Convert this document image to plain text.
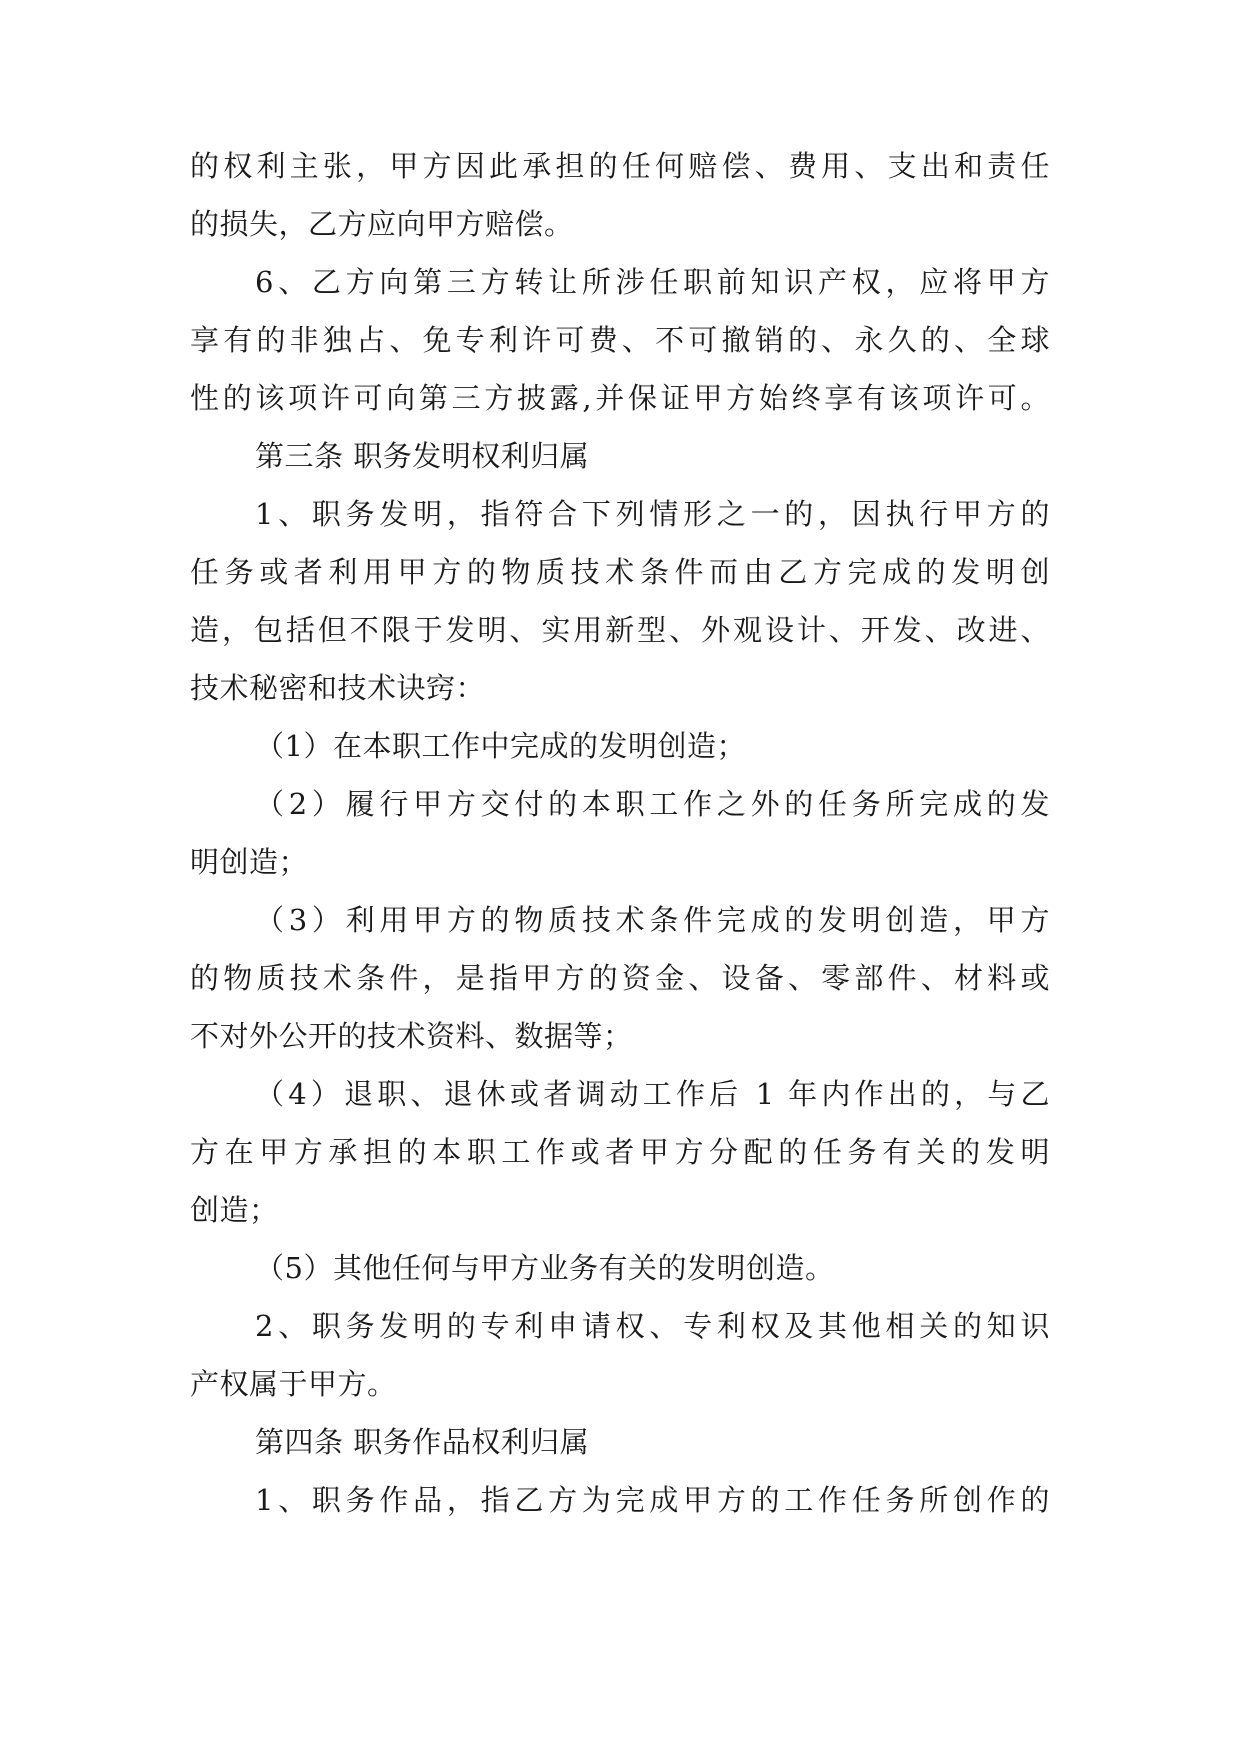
的权利主张，甲方因此承担的任何赔偿、费用、支出和责任
的损失，乙方应向甲方赔偿。
6、乙方向第三方转让所涉任职前知识产权，应将甲方
享有的非独占、免专利许可费、不可撤销的、永久的、全球
性的该项许可向第三方披露,并保证甲方始终享有该项许可。
第三条 职务发明权利归属
1、职务发明，指符合下列情形之一的，因执行甲方的
任务或者利用甲方的物质技术条件而由乙方完成的发明创
造，包括但不限于发明、实用新型、外观设计、开发、改进、
技术秘密和技术诀窍：
（1）在本职工作中完成的发明创造；
（2）履行甲方交付的本职工作之外的任务所完成的发
明创造；
（3）利用甲方的物质技术条件完成的发明创造，甲方
的物质技术条件，是指甲方的资金、设备、零部件、材料或
不对外公开的技术资料、数据等；
（4）退职、退休或者调动工作后 1 年内作出的，与乙
方在甲方承担的本职工作或者甲方分配的任务有关的发明
创造；
（5）其他任何与甲方业务有关的发明创造。
2、职务发明的专利申请权、专利权及其他相关的知识
产权属于甲方。
第四条 职务作品权利归属
1、职务作品，指乙方为完成甲方的工作任务所创作的
